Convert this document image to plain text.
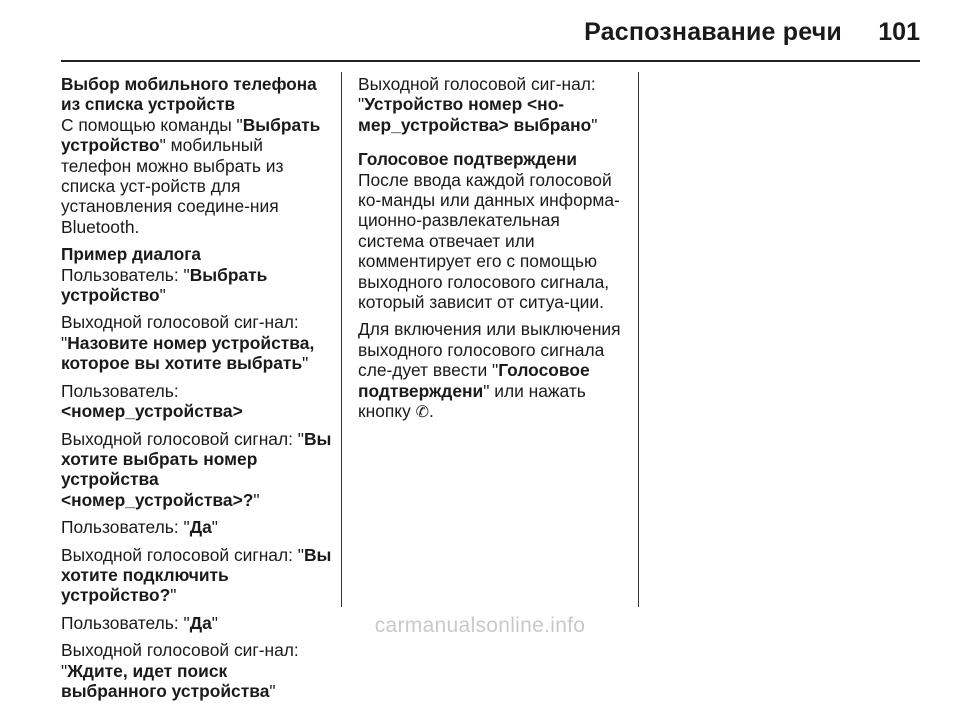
Распознавание речи	101
Выбор мобильного телефона из списка устройств
С помощью команды "Выбрать устройство" мобильный телефон можно выбрать из списка уст-ройств для установления соедине-ния Bluetooth.
Пример диалога
Пользователь: "Выбрать устройство"
Выходной голосовой сиг-нал: "Назовите номер устройства, которое вы хотите выбрать"
Пользователь:
<номер_устройства>
Выходной голосовой сигнал: "Вы хотите выбрать номер устройства <номер_устройства>?"
Пользователь: "Да"
Выходной голосовой сигнал: "Вы хотите подключить устройство?"
Пользователь: "Да"
Выходной голосовой сиг-нал: "Ждите, идет поиск выбранного устройства"
Выходной голосовой сиг-нал: "Устройство номер <но-мер_устройства> выбрано"
Голосовое подтверждени
После ввода каждой голосовой ко-манды или данных информа-ционно-развлекательная система отвечает или комментирует его с помощью выходного голосового сигнала, который зависит от ситуа-ции.
Для включения или выключения выходного голосового сигнала сле-дует ввести "Голосовое подтверждени" или нажать кнопку ✆.
carmanualsonline.info
